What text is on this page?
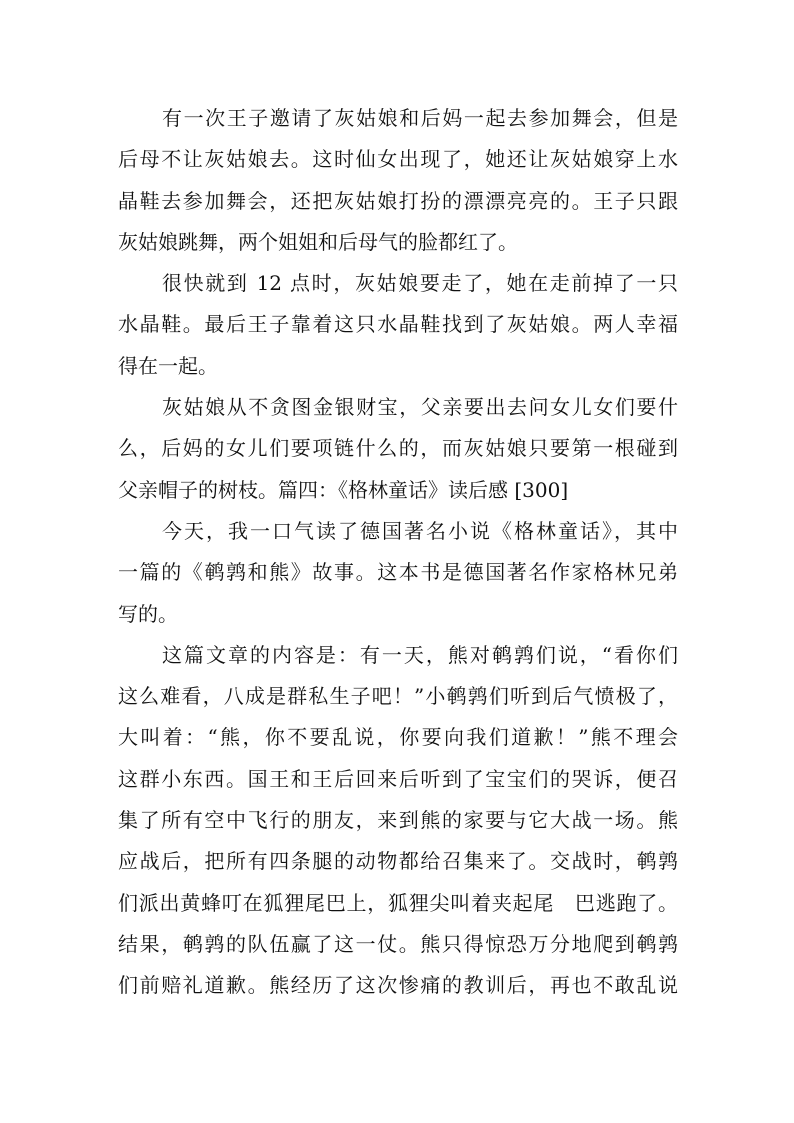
有一次王子邀请了灰姑娘和后妈一起去参加舞会，但是
后母不让灰姑娘去。这时仙女出现了，她还让灰姑娘穿上水
晶鞋去参加舞会，还把灰姑娘打扮的漂漂亮亮的。王子只跟
灰姑娘跳舞，两个姐姐和后母气的脸都红了。
很快就到 12 点时，灰姑娘要走了，她在走前掉了一只
水晶鞋。最后王子靠着这只水晶鞋找到了灰姑娘。两人幸福
得在一起。
灰姑娘从不贪图金银财宝，父亲要出去问女儿女们要什
么，后妈的女儿们要项链什么的，而灰姑娘只要第一根碰到
父亲帽子的树枝。篇四：《格林童话》读后感 [300]
今天，我一口气读了德国著名小说《格林童话》，其中
一篇的《鹌鹑和熊》故事。这本书是德国著名作家格林兄弟
写的。
这篇文章的内容是：有一天，熊对鹌鹑们说，“看你们
这么难看，八成是群私生子吧！”小鹌鹑们听到后气愤极了，
大叫着：“熊，你不要乱说，你要向我们道歉！”熊不理会
这群小东西。国王和王后回来后听到了宝宝们的哭诉，便召
集了所有空中飞行的朋友，来到熊的家要与它大战一场。熊
应战后，把所有四条腿的动物都给召集来了。交战时，鹌鹑
们派出黄蜂叮在狐狸尾巴上，狐狸尖叫着夹起尾　巴逃跑了。
结果，鹌鹑的队伍赢了这一仗。熊只得惊恐万分地爬到鹌鹑
们前赔礼道歉。熊经历了这次惨痛的教训后，再也不敢乱说
